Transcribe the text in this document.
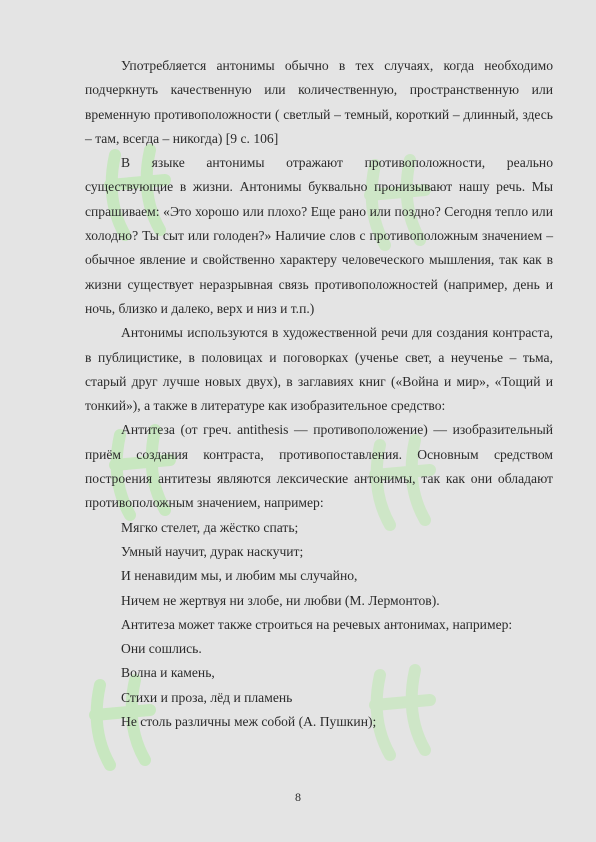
Употребляется антонимы обычно в тех случаях, когда необходимо подчеркнуть качественную или количественную, пространственную или временную противоположности ( светлый – темный, короткий – длинный, здесь – там, всегда – никогда) [9 с. 106]

В языке антонимы отражают противоположности, реально существующие в жизни. Антонимы буквально пронизывают нашу речь. Мы спрашиваем: «Это хорошо или плохо? Еще рано или поздно? Сегодня тепло или холодно? Ты сыт или голоден?» Наличие слов с противоположным значением – обычное явление и свойственно характеру человеческого мышления, так как в жизни существует неразрывная связь противоположностей (например, день и ночь, близко и далеко, верх и низ и т.п.)

Антонимы используются в художественной речи для создания контраста, в публицистике, в половицах и поговорках (ученье свет, а неученье – тьма, старый друг лучше новых двух), в заглавиях книг («Война и мир», «Тощий и тонкий»), а также в литературе как изобразительное средство:

Антитеза (от греч. antithesis — противоположение) — изобразительный приём создания контраста, противопоставления. Основным средством построения антитезы являются лексические антонимы, так как они обладают противоположным значением, например:

Мягко стелет, да жёстко спать;

Умный научит, дурак наскучит;

И ненавидим мы, и любим мы случайно,

Ничем не жертвуя ни злобе, ни любви (М. Лермонтов).

Антитеза может также строиться на речевых антонимах, например:

Они сошлись.

Волна и камень,

Стихи и проза, лёд и пламень

Не столь различны меж собой (А. Пушкин);

8
